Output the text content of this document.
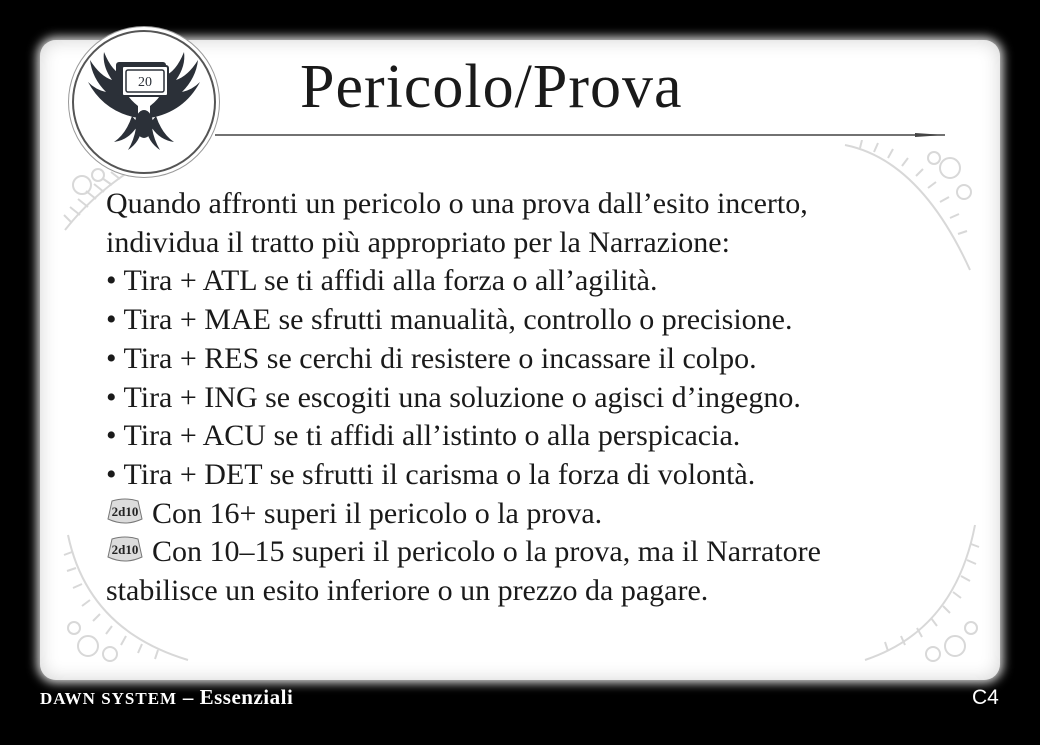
20 Pericolo/Prova
Quando affronti un pericolo o una prova dall’esito incerto,
individua il tratto più appropriato per la Narrazione:
• Tira + ATL se ti affidi alla forza o all’agilità.
• Tira + MAE se sfrutti manualità, controllo o precisione.
• Tira + RES se cerchi di resistere o incassare il colpo.
• Tira + ING se escogiti una soluzione o agisci d’ingegno.
• Tira + ACU se ti affidi all’istinto o alla perspicacia.
• Tira + DET se sfrutti il carisma o la forza di volontà.
2d10 Con 16+ superi il pericolo o la prova.
2d10 Con 10–15 superi il pericolo o la prova, ma il Narratore
stabilisce un esito inferiore o un prezzo da pagare.
DAWN SYSTEM – Essenziali	C4
